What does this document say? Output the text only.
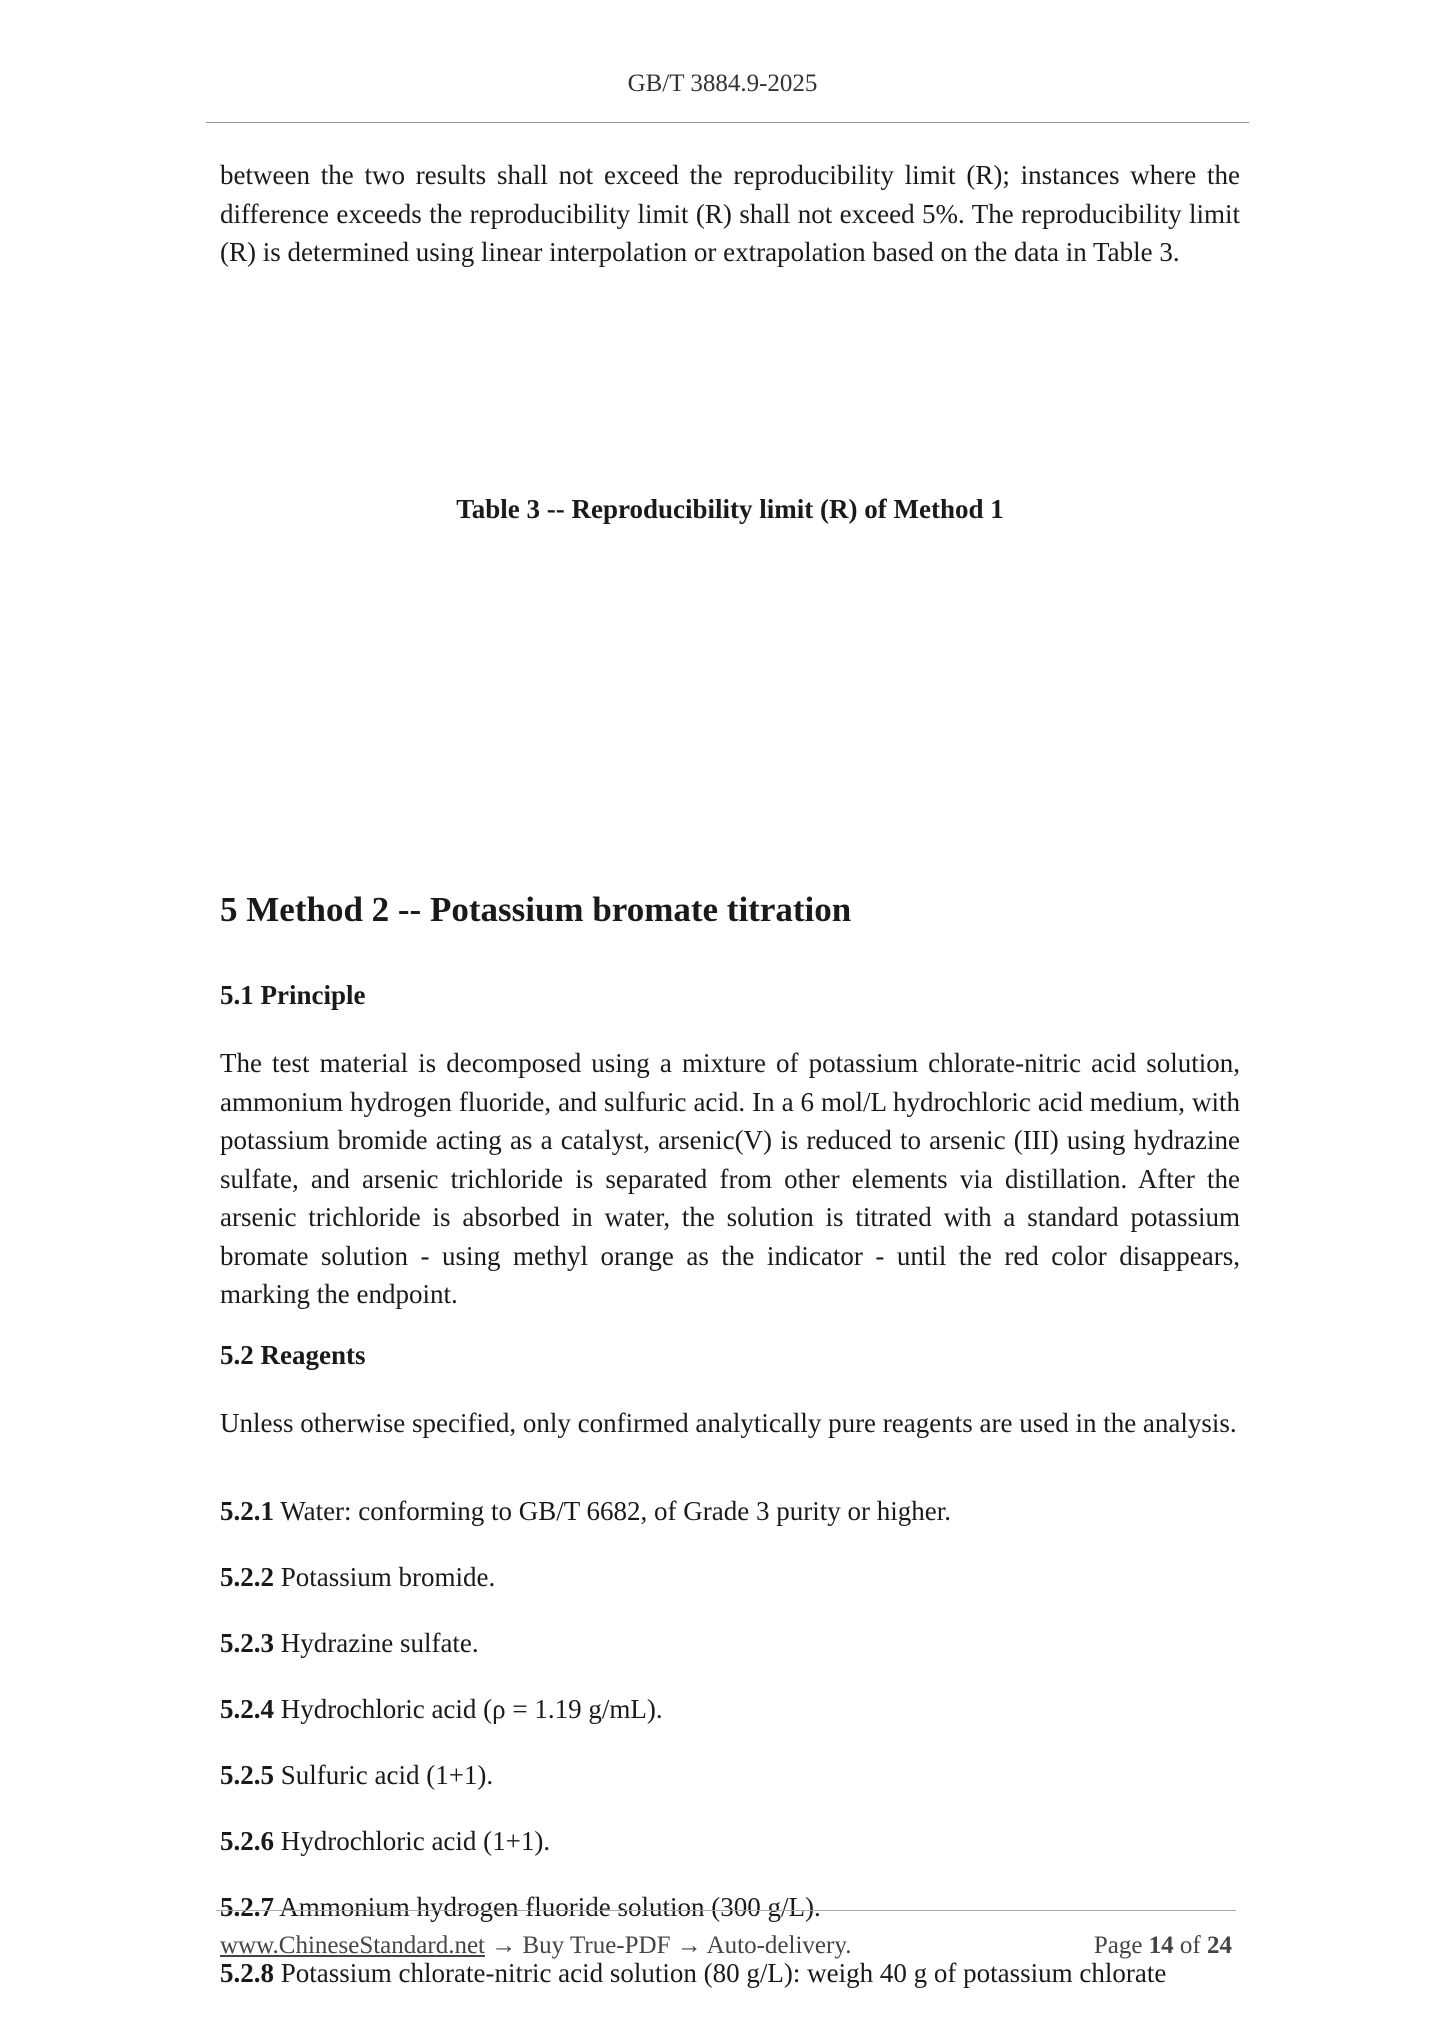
GB/T 3884.9-2025

between the two results shall not exceed the reproducibility limit (R); instances where the difference exceeds the reproducibility limit (R) shall not exceed 5%. The reproducibility limit (R) is determined using linear interpolation or extrapolation based on the data in Table 3.

Table 3 -- Reproducibility limit (R) of Method 1

5 Method 2 -- Potassium bromate titration
5.1 Principle

The test material is decomposed using a mixture of potassium chlorate-nitric acid solution, ammonium hydrogen fluoride, and sulfuric acid. In a 6 mol/L hydrochloric acid medium, with potassium bromide acting as a catalyst, arsenic(V) is reduced to arsenic (III) using hydrazine sulfate, and arsenic trichloride is separated from other elements via distillation. After the arsenic trichloride is absorbed in water, the solution is titrated with a standard potassium bromate solution - using methyl orange as the indicator - until the red color disappears, marking the endpoint.

5.2 Reagents

Unless otherwise specified, only confirmed analytically pure reagents are used in the analysis.

5.2.1 Water: conforming to GB/T 6682, of Grade 3 purity or higher.

5.2.2 Potassium bromide.

5.2.3 Hydrazine sulfate.

5.2.4 Hydrochloric acid (ρ = 1.19 g/mL).

5.2.5 Sulfuric acid (1+1).

5.2.6 Hydrochloric acid (1+1).

5.2.7 Ammonium hydrogen fluoride solution (300 g/L).

5.2.8 Potassium chlorate-nitric acid solution (80 g/L): weigh 40 g of potassium chlorate

www.ChineseStandard.net → Buy True-PDF → Auto-delivery.	Page 14 of 24
